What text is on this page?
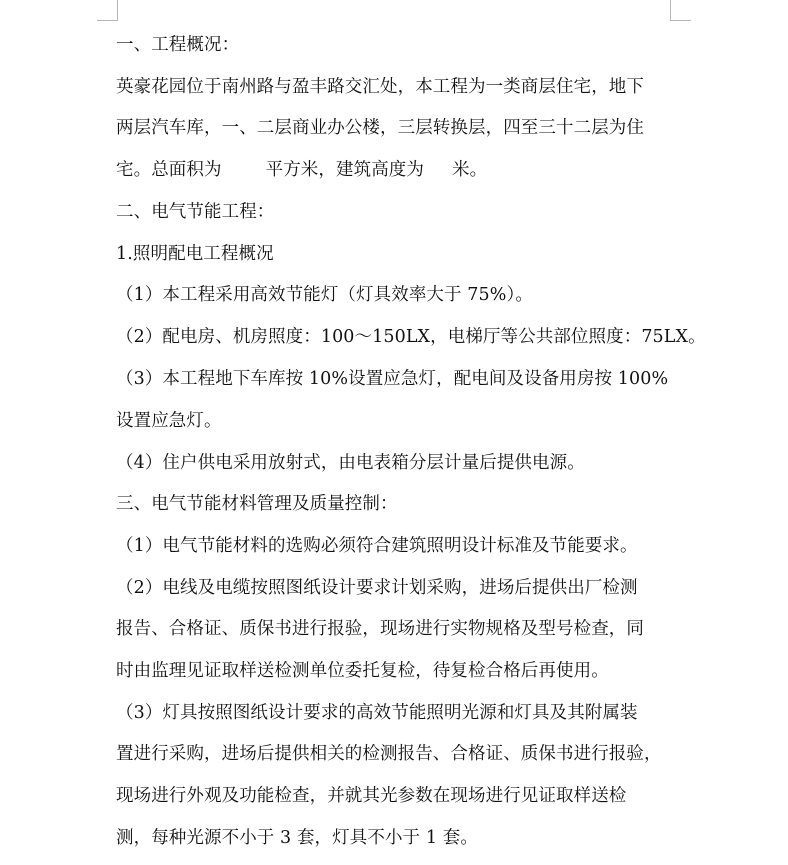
一、工程概况：
英豪花园位于南州路与盈丰路交汇处，本工程为一类商层住宅，地下
两层汽车库，一、二层商业办公楼，三层转换层，四至三十二层为住
宅。总面积为	平方米，建筑高度为 米。
二、电气节能工程：
1.照明配电工程概况
（1）本工程采用高效节能灯（灯具效率大于 75%）。
（2）配电房、机房照度：100～150LX，电梯厅等公共部位照度：75LX。
（3）本工程地下车库按 10%设置应急灯，配电间及设备用房按 100%
设置应急灯。
（4）住户供电采用放射式，由电表箱分层计量后提供电源。
三、电气节能材料管理及质量控制：
（1）电气节能材料的选购必须符合建筑照明设计标准及节能要求。
（2）电线及电缆按照图纸设计要求计划采购，进场后提供出厂检测
报告、合格证、质保书进行报验，现场进行实物规格及型号检查，同
时由监理见证取样送检测单位委托复检，待复检合格后再使用。
（3）灯具按照图纸设计要求的高效节能照明光源和灯具及其附属装
置进行采购，进场后提供相关的检测报告、合格证、质保书进行报验，
现场进行外观及功能检查，并就其光参数在现场进行见证取样送检
测，每种光源不小于 3 套，灯具不小于 1 套。
